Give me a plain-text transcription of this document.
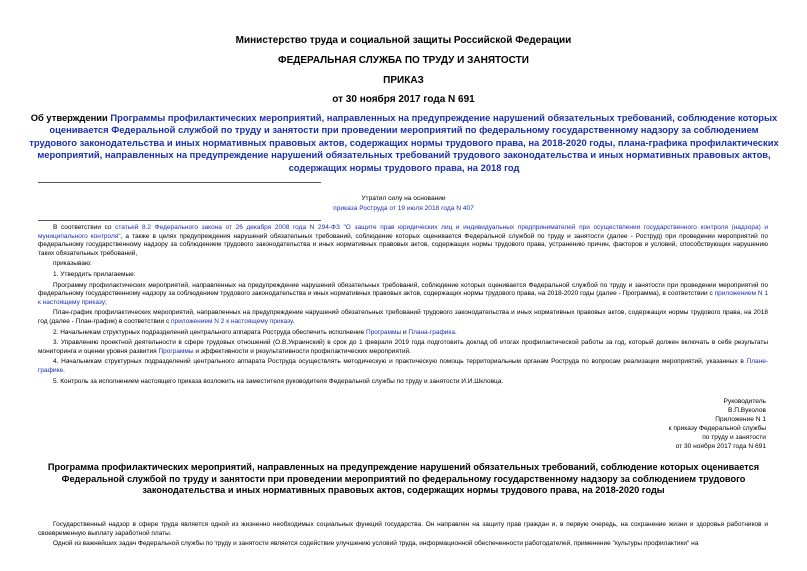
Министерство труда и социальной защиты Российской Федерации
ФЕДЕРАЛЬНАЯ СЛУЖБА ПО ТРУДУ И ЗАНЯТОСТИ
ПРИКАЗ
от 30 ноября 2017 года N 691
Об утверждении Программы профилактических мероприятий, направленных на предупреждение нарушений обязательных требований, соблюдение которых оценивается Федеральной службой по труду и занятости при проведении мероприятий по федеральному государственному надзору за соблюдением трудового законодательства и иных нормативных правовых актов, содержащих нормы трудового права, на 2018-2020 годы, плана-графика профилактических мероприятий, направленных на предупреждение нарушений обязательных требований трудового законодательства и иных нормативных правовых актов, содержащих нормы трудового права, на 2018 год
Утратил силу на основании
приказа Роструда от 19 июля 2018 года N 407

В соответствии со статьей 8.2 Федерального закона от 26 декабря 2008 года N 294-ФЗ "О защите прав юридических лиц и индивидуальных предпринимателей при осуществлении государственного контроля (надзора) и муниципального контроля", а также в целях предупреждения нарушений обязательных требований, соблюдение которых оценивается Федеральной службой по труду и занятости (далее - Роструд) при проведении мероприятий по федеральному государственному надзору за соблюдением трудового законодательства и иных нормативных правовых актов, содержащих нормы трудового права, устранению причин, факторов и условий, способствующих нарушению таких обязательных требований,

приказываю:

1. Утвердить прилагаемые:

Программу профилактических мероприятий, направленных на предупреждение нарушений обязательных требований, соблюдение которых оценивается Федеральной службой по труду и занятости при проведении мероприятий по федеральному государственному надзору за соблюдением трудового законодательства и иных нормативных правовых актов, содержащих нормы трудового права, на 2018-2020 годы (далее - Программа), в соответствии с приложением N 1 к настоящему приказу;

План-график профилактических мероприятий, направленных на предупреждение нарушений обязательных требований трудового законодательства и иных нормативных правовых актов, содержащих нормы трудового права, на 2018 год (далее - План-график) в соответствии с приложением N 2 к настоящему приказу.

2. Начальникам структурных подразделений центрального аппарата Роструда обеспечить исполнение Программы и Плана-графика.

3. Управлению проектной деятельности в сфере трудовых отношений (О.В.Украинский) в срок до 1 февраля 2019 года подготовить доклад об итогах профилактической работы за год, который должен включать в себя результаты мониторинга и оценки уровня развития Программы и эффективности и результативности профилактических мероприятий.

4. Начальникам структурных подразделений центрального аппарата Роструда осуществлять методическую и практическую помощь территориальным органам Роструда по вопросам реализации мероприятий, указанных в Плане-графике.

5. Контроль за исполнением настоящего приказа возложить на заместителя руководителя Федеральной службы по труду и занятости И.И.Шкловца.

Руководитель
В.П.Вуколов
Приложение N 1
к приказу Федеральной службы
по труду и занятости
от 30 ноября 2017 года N 691
Программа профилактических мероприятий, направленных на предупреждение нарушений обязательных требований, соблюдение которых оценивается Федеральной службой по труду и занятости при проведении мероприятий по федеральному государственному надзору за соблюдением трудового законодательства и иных нормативных правовых актов, содержащих нормы трудового права, на 2018-2020 годы

Государственный надзор в сфере труда является одной из жизненно необходимых социальных функций государства. Он направлен на защиту прав граждан и, в первую очередь, на сохранение жизни и здоровья работников и своевременную выплату заработной платы.

Одной из важнейших задач Федеральной службы по труду и занятости является содействие улучшению условий труда, информационной обеспеченности работодателей, применение "культуры профилактики" на
